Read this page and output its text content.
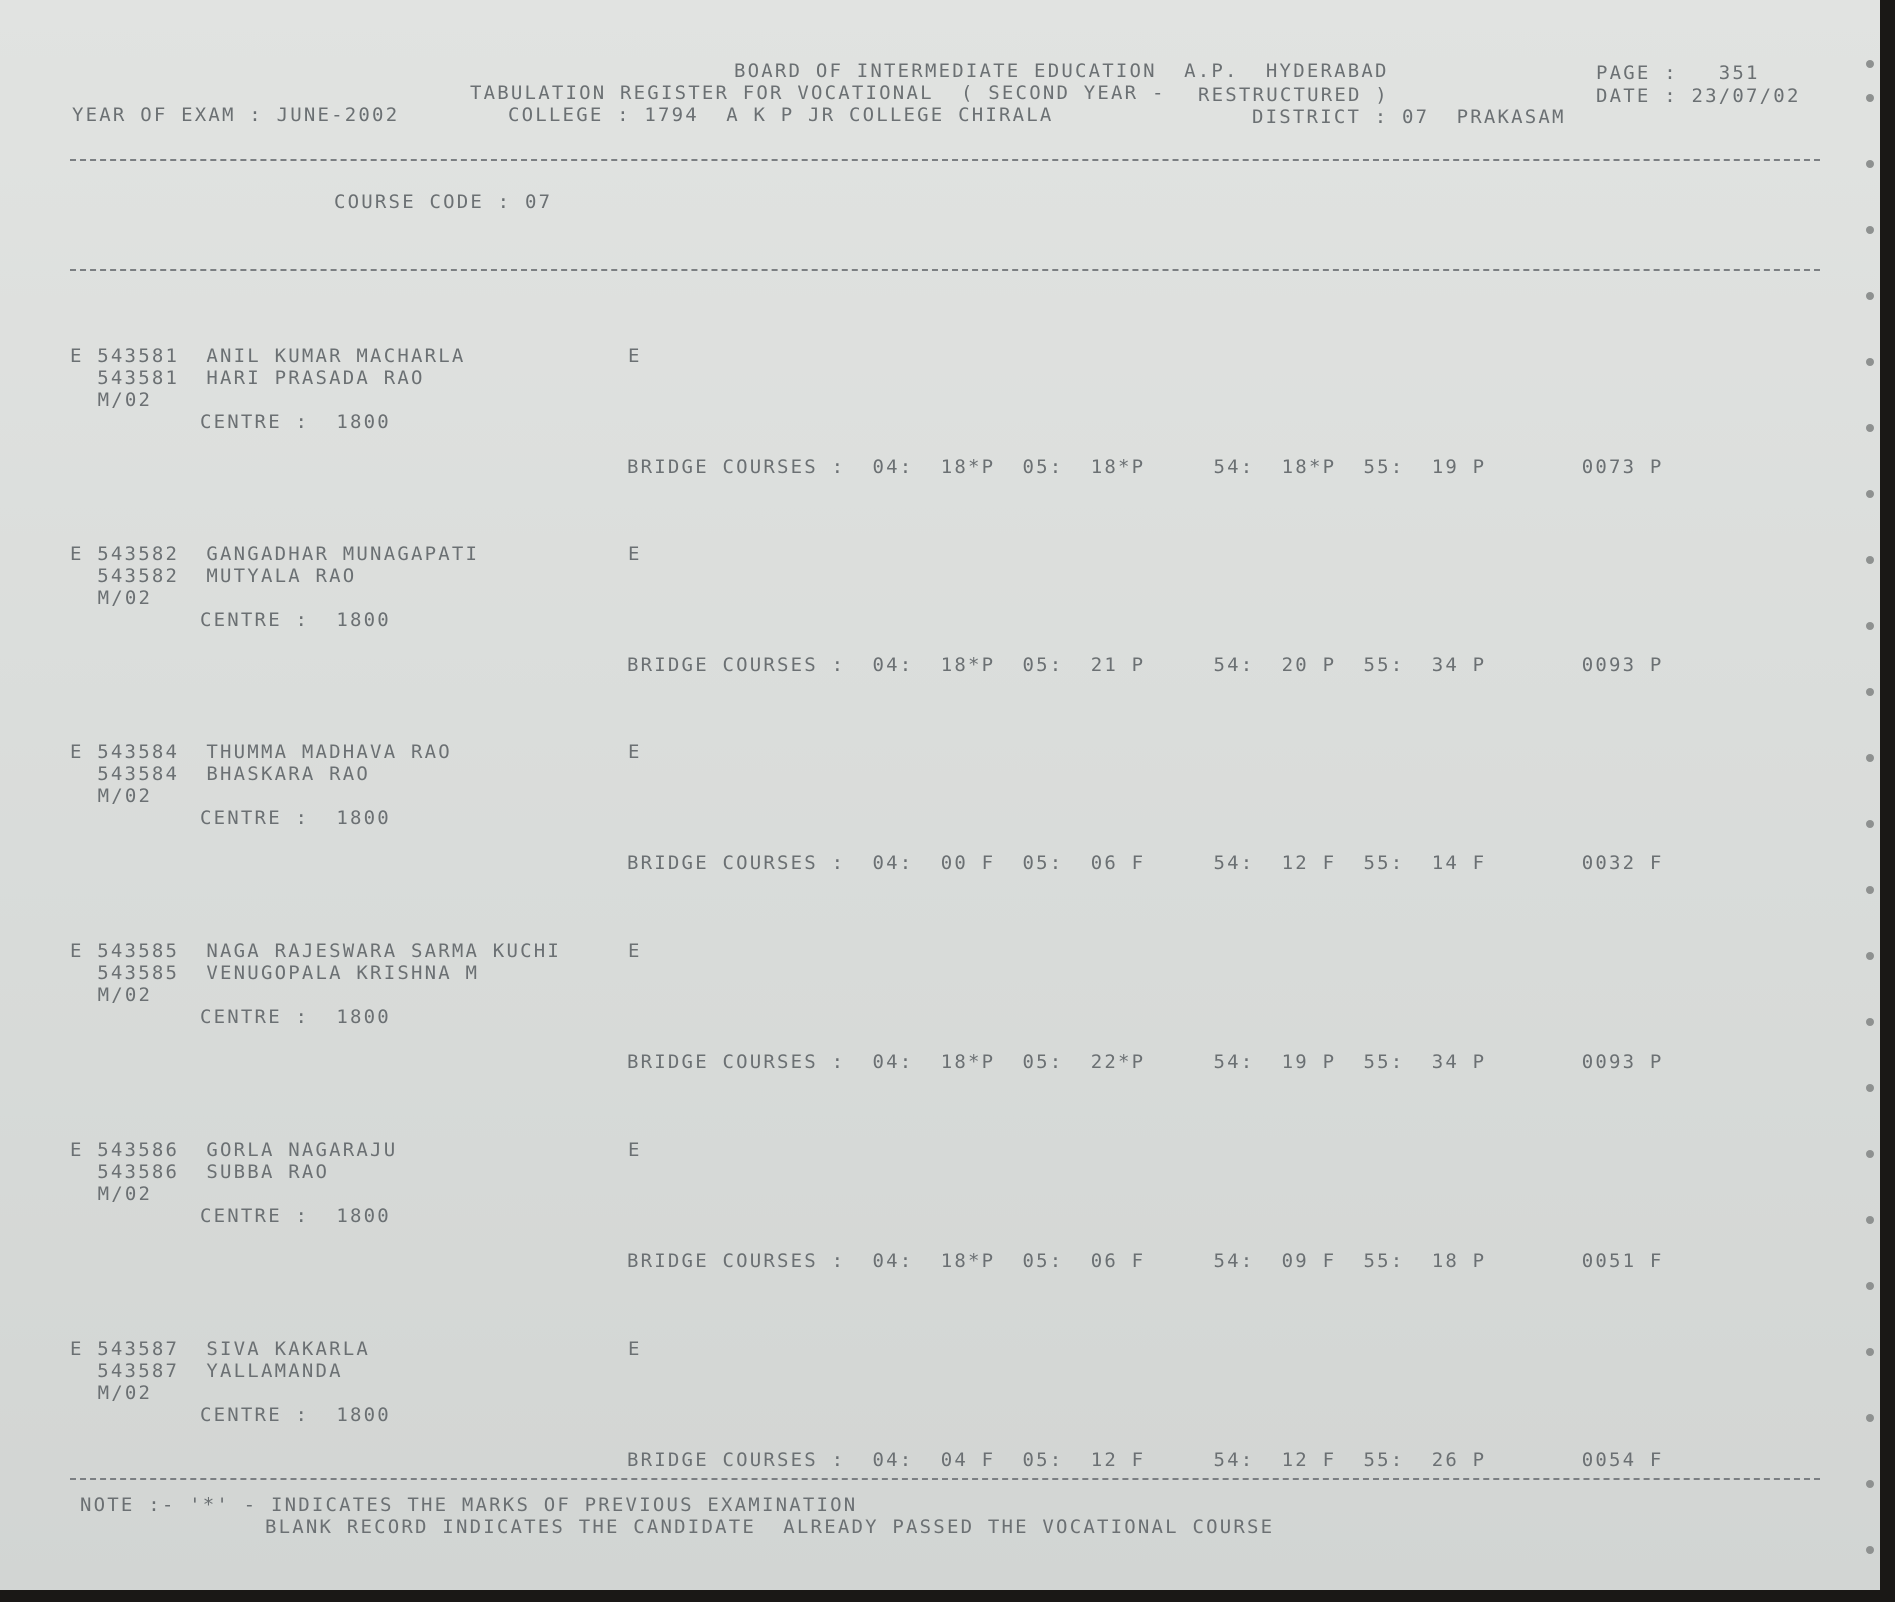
BOARD OF INTERMEDIATE EDUCATION  A.P.  HYDERABAD
TABULATION REGISTER FOR VOCATIONAL  ( SECOND YEAR - RESTRUCTURED )
YEAR OF EXAM : JUNE-2002	COLLEGE : 1794  A K P JR COLLEGE CHIRALA	DISTRICT : 07  PRAKASAM
PAGE :   351
DATE : 23/07/02
COURSE CODE : 07
E 543581  ANIL KUMAR MACHARLA
543581  HARI PRASADA RAO
M/02
CENTRE :  1800
E
BRIDGE COURSES :  04:  18*P  05:  18*P     54:  18*P  55:  19 P       0073 P
E 543582  GANGADHAR MUNAGAPATI
543582  MUTYALA RAO
M/02
CENTRE :  1800
E
BRIDGE COURSES :  04:  18*P  05:  21 P     54:  20 P  55:  34 P       0093 P
E 543584  THUMMA MADHAVA RAO
543584  BHASKARA RAO
M/02
CENTRE :  1800
E
BRIDGE COURSES :  04:  00 F  05:  06 F     54:  12 F  55:  14 F       0032 F
E 543585  NAGA RAJESWARA SARMA KUCHI
543585  VENUGOPALA KRISHNA M
M/02
CENTRE :  1800
E
BRIDGE COURSES :  04:  18*P  05:  22*P     54:  19 P  55:  34 P       0093 P
E 543586  GORLA NAGARAJU
543586  SUBBA RAO
M/02
CENTRE :  1800
E
BRIDGE COURSES :  04:  18*P  05:  06 F     54:  09 F  55:  18 P       0051 F
E 543587  SIVA KAKARLA
543587  YALLAMANDA
M/02
CENTRE :  1800
E
BRIDGE COURSES :  04:  04 F  05:  12 F     54:  12 F  55:  26 P       0054 F
NOTE :- '*' - INDICATES THE MARKS OF PREVIOUS EXAMINATION
BLANK RECORD INDICATES THE CANDIDATE  ALREADY PASSED THE VOCATIONAL COURSE
